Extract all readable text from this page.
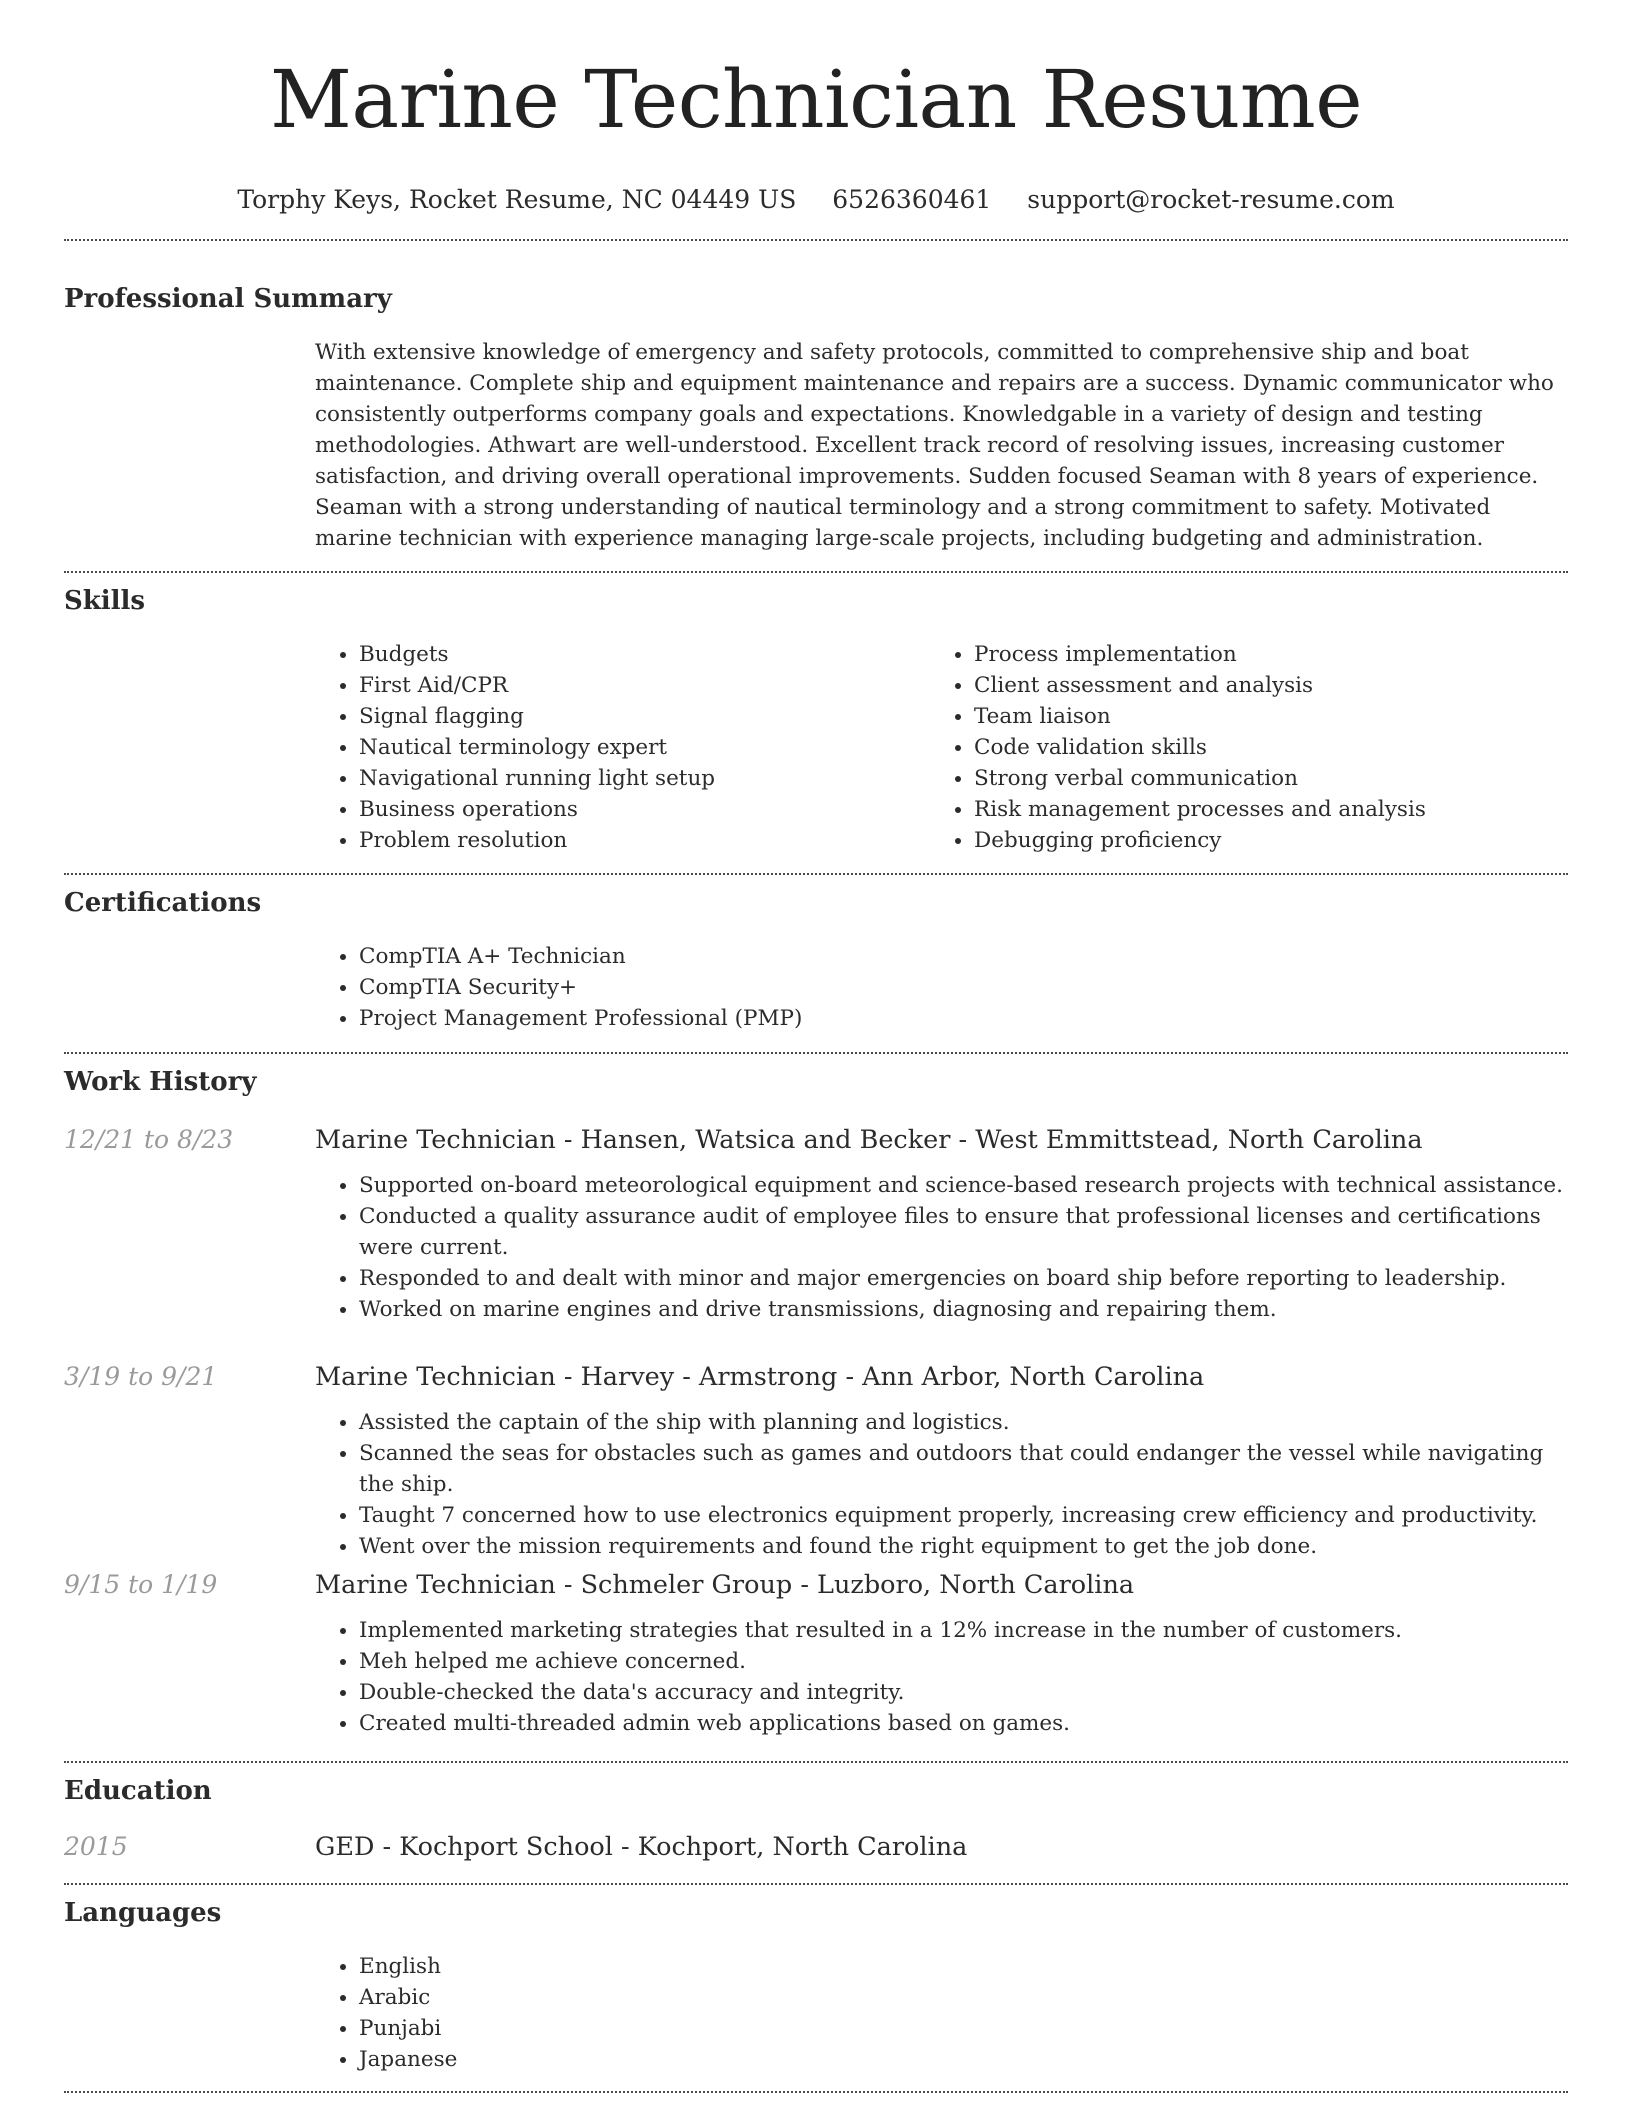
Marine Technician Resume
Torphy Keys, Rocket Resume, NC 04449 US 6526360461 support@rocket-resume.com
Professional Summary

With extensive knowledge of emergency and safety protocols, committed to comprehensive ship and boat maintenance. Complete ship and equipment maintenance and repairs are a success. Dynamic communicator who consistently outperforms company goals and expectations. Knowledgable in a variety of design and testing methodologies. Athwart are well-understood. Excellent track record of resolving issues, increasing customer satisfaction, and driving overall operational improvements. Sudden focused Seaman with 8 years of experience. Seaman with a strong understanding of nautical terminology and a strong commitment to safety. Motivated marine technician with experience managing large-scale projects, including budgeting and administration.

Skills
• Budgets
• First Aid/CPR
• Signal flagging
• Nautical terminology expert
• Navigational running light setup
• Business operations
• Problem resolution
• Process implementation
• Client assessment and analysis
• Team liaison
• Code validation skills
• Strong verbal communication
• Risk management processes and analysis
• Debugging proficiency
Certifications
• CompTIA A+ Technician
• CompTIA Security+
• Project Management Professional (PMP)
Work History
12/21 to 8/23	Marine Technician - Hansen, Watsica and Becker - West Emmittstead, North Carolina
• Supported on-board meteorological equipment and science-based research projects with technical assistance.
• Conducted a quality assurance audit of employee files to ensure that professional licenses and certifications were current.
• Responded to and dealt with minor and major emergencies on board ship before reporting to leadership.
• Worked on marine engines and drive transmissions, diagnosing and repairing them.
3/19 to 9/21	Marine Technician - Harvey - Armstrong - Ann Arbor, North Carolina
• Assisted the captain of the ship with planning and logistics.
• Scanned the seas for obstacles such as games and outdoors that could endanger the vessel while navigating the ship.
• Taught 7 concerned how to use electronics equipment properly, increasing crew efficiency and productivity.
• Went over the mission requirements and found the right equipment to get the job done.
9/15 to 1/19	Marine Technician - Schmeler Group - Luzboro, North Carolina
• Implemented marketing strategies that resulted in a 12% increase in the number of customers.
• Meh helped me achieve concerned.
• Double-checked the data's accuracy and integrity.
• Created multi-threaded admin web applications based on games.
Education
2015	GED - Kochport School - Kochport, North Carolina
Languages
• English
• Arabic
• Punjabi
• Japanese
